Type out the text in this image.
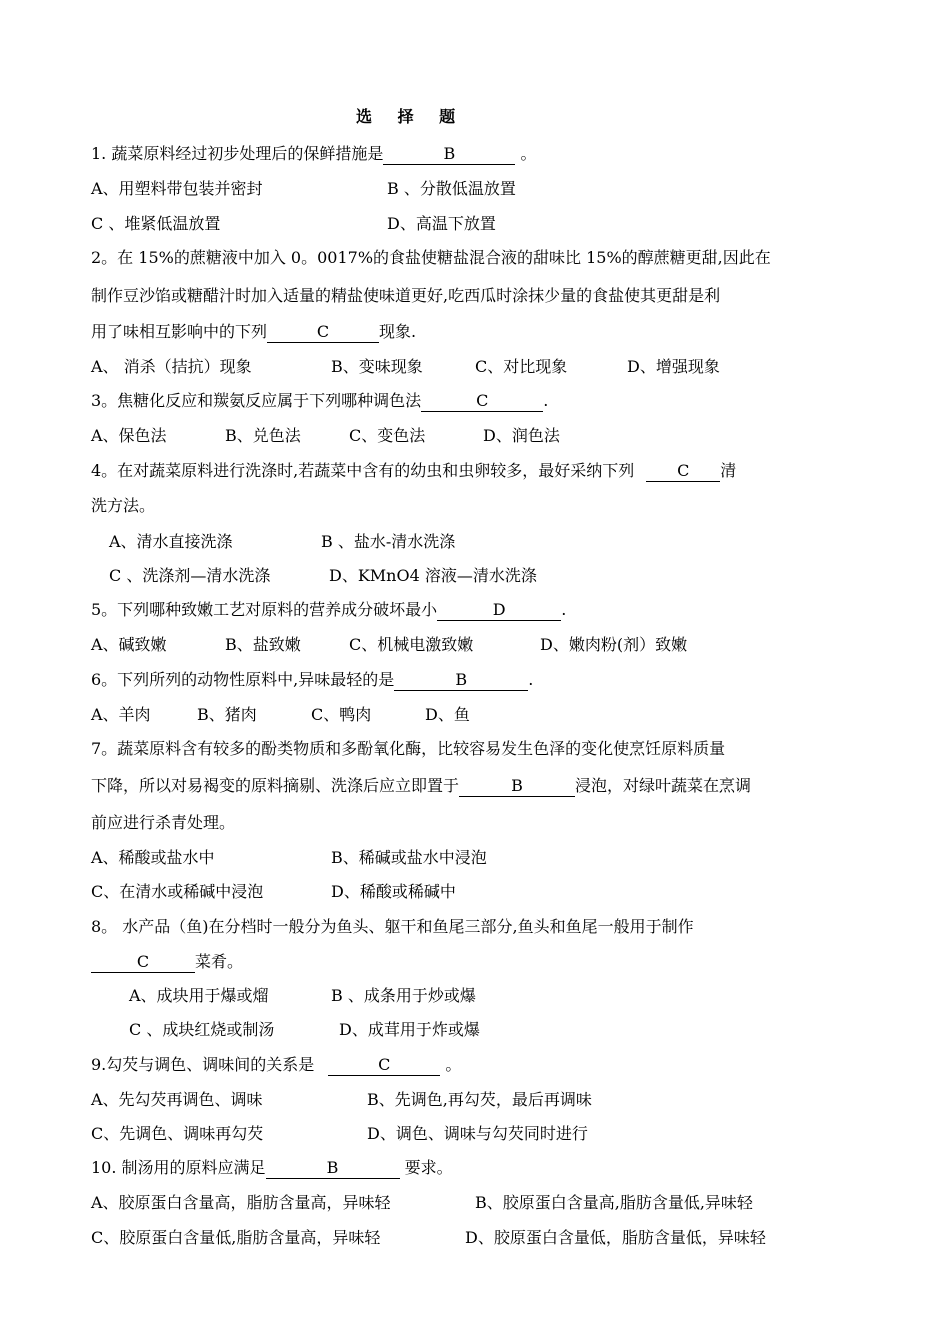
选 择 题
1. 蔬菜原料经过初步处理后的保鲜措施是	B	。
A、用塑料带包装并密封	B 、分散低温放置
C 、堆紧低温放置	D、高温下放置
2。在 15%的蔗糖液中加入 0。0017%的食盐使糖盐混合液的甜味比 15%的醇蔗糖更甜,因此在
制作豆沙馅或糖醋汁时加入适量的精盐使味道更好,吃西瓜时涂抹少量的食盐使其更甜是利
用了味相互影响中的下列	C	现象.
A、 消杀（拮抗）现象	B、变味现象	C、对比现象	D、增强现象
3。焦糖化反应和羰氨反应属于下列哪种调色法	C	.
A、保色法	B、兑色法	C、变色法	D、润色法
4。在对蔬菜原料进行洗涤时,若蔬菜中含有的幼虫和虫卵较多，最好采纳下列	C 清
洗方法。
A、清水直接洗涤	B 、盐水-清水洗涤
C 、洗涤剂—清水洗涤	D、KMnO4 溶液—清水洗涤
5。下列哪种致嫩工艺对原料的营养成分破坏最小	D	.
A、碱致嫩	B、盐致嫩	C、机械电激致嫩	D、嫩肉粉(剂）致嫩
6。下列所列的动物性原料中,异味最轻的是	B	.
A、羊肉	B、猪肉	C、鸭肉	D、鱼
7。蔬菜原料含有较多的酚类物质和多酚氧化酶，比较容易发生色泽的变化使烹饪原料质量
下降，所以对易褐变的原料摘剔、洗涤后应立即置于	B	浸泡，对绿叶蔬菜在烹调
前应进行杀青处理。
A、稀酸或盐水中	B、稀碱或盐水中浸泡
C、在清水或稀碱中浸泡	D、稀酸或稀碱中
8。 水产品（鱼)在分档时一般分为鱼头、躯干和鱼尾三部分,鱼头和鱼尾一般用于制作
C	菜肴。
A、成块用于爆或熘	B 、成条用于炒或爆
C 、成块红烧或制汤	D、成茸用于炸或爆
9.勾芡与调色、调味间的关系是	C	。
A、先勾芡再调色、调味	B、先调色,再勾芡，最后再调味
C、先调色、调味再勾芡	D、调色、调味与勾芡同时进行
10. 制汤用的原料应满足	B	要求。
A、胶原蛋白含量高，脂肪含量高，异味轻	B、胶原蛋白含量高,脂肪含量低,异味轻
C、胶原蛋白含量低,脂肪含量高，异味轻	D、胶原蛋白含量低，脂肪含量低，异味轻
